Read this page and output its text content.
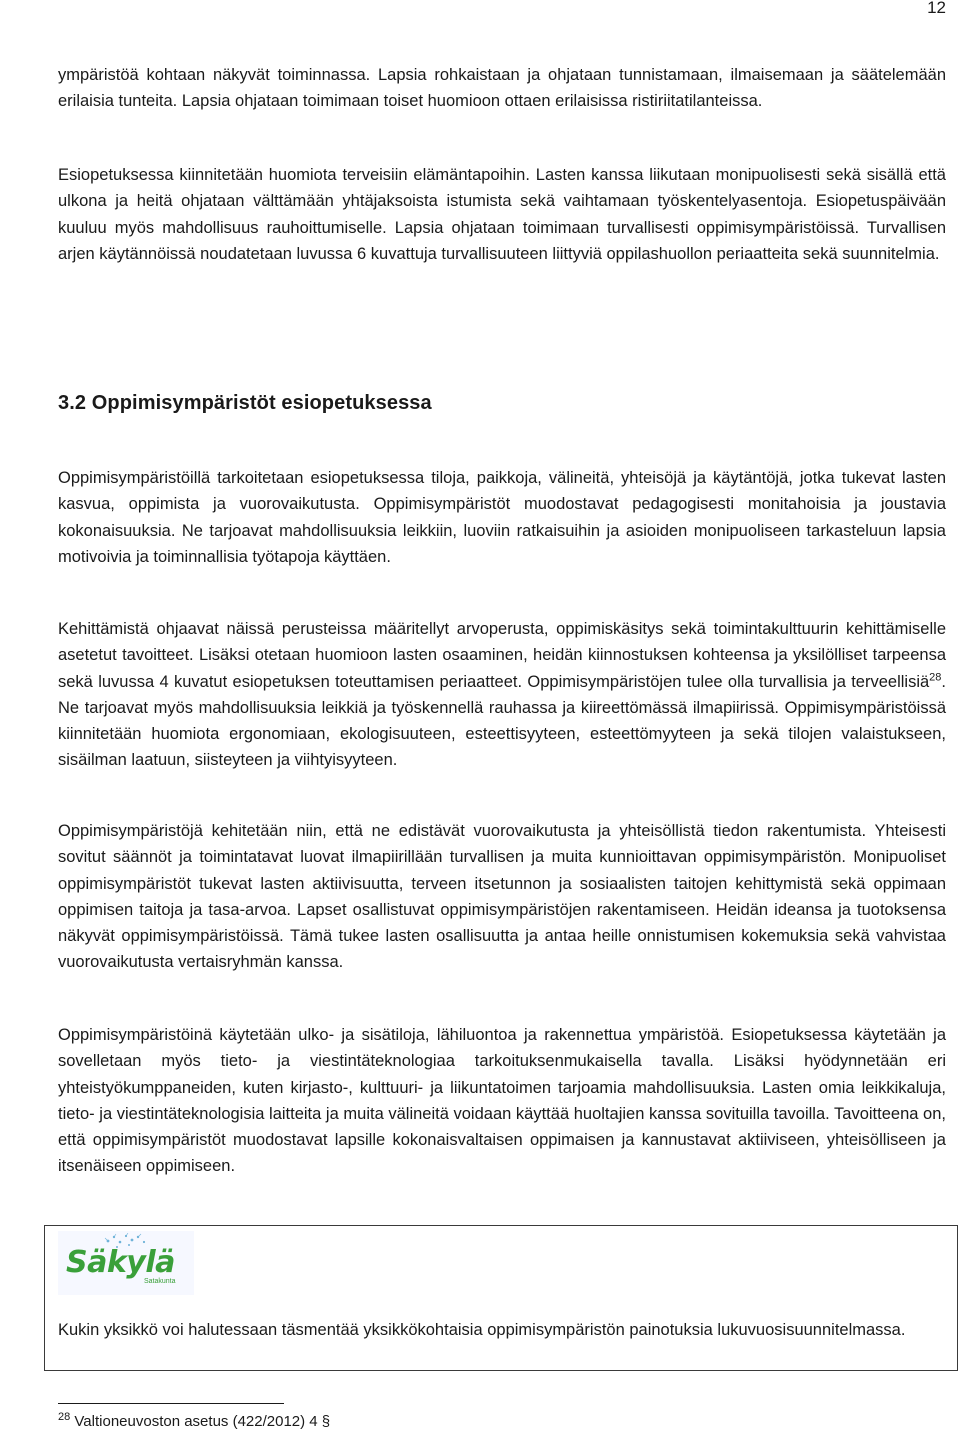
12

ympäristöä kohtaan näkyvät toiminnassa. Lapsia rohkaistaan ja ohjataan tunnistamaan, ilmaisemaan ja säätelemään erilaisia tunteita. Lapsia ohjataan toimimaan toiset huomioon ottaen erilaisissa ristiriitatilanteissa.

Esiopetuksessa kiinnitetään huomiota terveisiin elämäntapoihin. Lasten kanssa liikutaan monipuolisesti sekä sisällä että ulkona ja heitä ohjataan välttämään yhtäjaksoista istumista sekä vaihtamaan työskentelyasentoja. Esiopetuspäivään kuuluu myös mahdollisuus rauhoittumiselle. Lapsia ohjataan toimimaan turvallisesti oppimisympäristöissä. Turvallisen arjen käytännöissä noudatetaan luvussa 6 kuvattuja turvallisuuteen liittyviä oppilashuollon periaatteita sekä suunnitelmia.

3.2 Oppimisympäristöt esiopetuksessa

Oppimisympäristöillä tarkoitetaan esiopetuksessa tiloja, paikkoja, välineitä, yhteisöjä ja käytäntöjä, jotka tukevat lasten kasvua, oppimista ja vuorovaikutusta. Oppimisympäristöt muodostavat pedagogisesti monitahoisia ja joustavia kokonaisuuksia. Ne tarjoavat mahdollisuuksia leikkiin, luoviin ratkaisuihin ja asioiden monipuoliseen tarkasteluun lapsia motivoivia ja toiminnallisia työtapoja käyttäen.

Kehittämistä ohjaavat näissä perusteissa määritellyt arvoperusta, oppimiskäsitys sekä toimintakulttuurin kehittämiselle asetetut tavoitteet. Lisäksi otetaan huomioon lasten osaaminen, heidän kiinnostuksen kohteensa ja yksilölliset tarpeensa sekä luvussa 4 kuvatut esiopetuksen toteuttamisen periaatteet. Oppimisympäristöjen tulee olla turvallisia ja terveellisiä$^{28}$. Ne tarjoavat myös mahdollisuuksia leikkiä ja työskennellä rauhassa ja kiireettömässä ilmapiirissä. Oppimisympäristöissä kiinnitetään huomiota ergonomiaan, ekologisuuteen, esteettisyyteen, esteettömyyteen ja sekä tilojen valaistukseen, sisäilman laatuun, siisteyteen ja viihtyisyyteen.

Oppimisympäristöjä kehitetään niin, että ne edistävät vuorovaikutusta ja yhteisöllistä tiedon rakentumista. Yhteisesti sovitut säännöt ja toimintatavat luovat ilmapiirillään turvallisen ja muita kunnioittavan oppimisympäristön. Monipuoliset oppimisympäristöt tukevat lasten aktiivisuutta, terveen itsetunnon ja sosiaalisten taitojen kehittymistä sekä oppimaan oppimisen taitoja ja tasa-arvoa. Lapset osallistuvat oppimisympäristöjen rakentamiseen. Heidän ideansa ja tuotoksensa näkyvät oppimisympäristöissä. Tämä tukee lasten osallisuutta ja antaa heille onnistumisen kokemuksia sekä vahvistaa vuorovaikutusta vertaisryhmän kanssa.

Oppimisympäristöinä käytetään ulko- ja sisätiloja, lähiluontoa ja rakennettua ympäristöä. Esiopetuksessa käytetään ja sovelletaan myös tieto- ja viestintäteknologiaa tarkoituksenmukaisella tavalla. Lisäksi hyödynnetään eri yhteistyökumppaneiden, kuten kirjasto-, kulttuuri- ja liikuntatoimen tarjoamia mahdollisuuksia. Lasten omia leikkikaluja, tieto- ja viestintäteknologisia laitteita ja muita välineitä voidaan käyttää huoltajien kanssa sovituilla tavoilla. Tavoitteena on, että oppimisympäristöt muodostavat lapsille kokonaisvaltaisen oppimaisen ja kannustavat aktiiviseen, yhteisölliseen ja itsenäiseen oppimiseen.

Säkylä
Satakunta

Kukin yksikkö voi halutessaan täsmentää yksikkökohtaisia oppimisympäristön painotuksia lukuvuosisuunnitelmassa.

$^{28}$ Valtioneuvoston asetus (422/2012) 4 §
